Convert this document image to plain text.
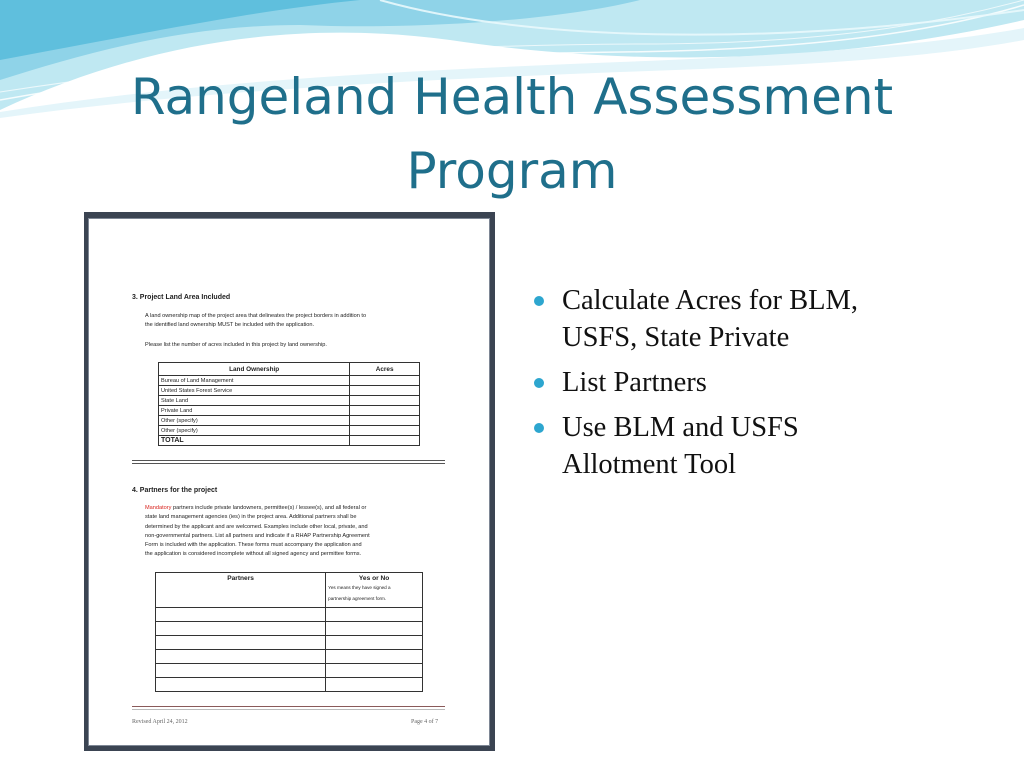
Rangeland Health Assessment
Program
3. Project Land Area Included
A land ownership map of the project area that delineates the project borders in addition to
the identified land ownership MUST be included with the application.
Please list the number of acres included in this project by land ownership.
Land Ownership	Acres
Bureau of Land Management	
United States Forest Service	
State Land	
Private Land	
Other (specify)	
Other (specify)	
TOTAL	
4. Partners for the project
Mandatory partners include private landowners, permittee(s) / lessee(s), and all federal or
state land management agencies (ies) in the project area. Additional partners shall be
determined by the applicant and are welcomed. Examples include other local, private, and
non-governmental partners. List all partners and indicate if a RHAP Partnership Agreement
Form is included with the application. These forms must accompany the application and
the application is considered incomplete without all signed agency and permittee forms.
Partners	Yes or No
Yes means they have signed a
partnership agreement form.

Revised April 24, 2012	Page 4 of 7
Calculate Acres for BLM, USFS, State Private
List Partners
Use BLM and USFS Allotment Tool
